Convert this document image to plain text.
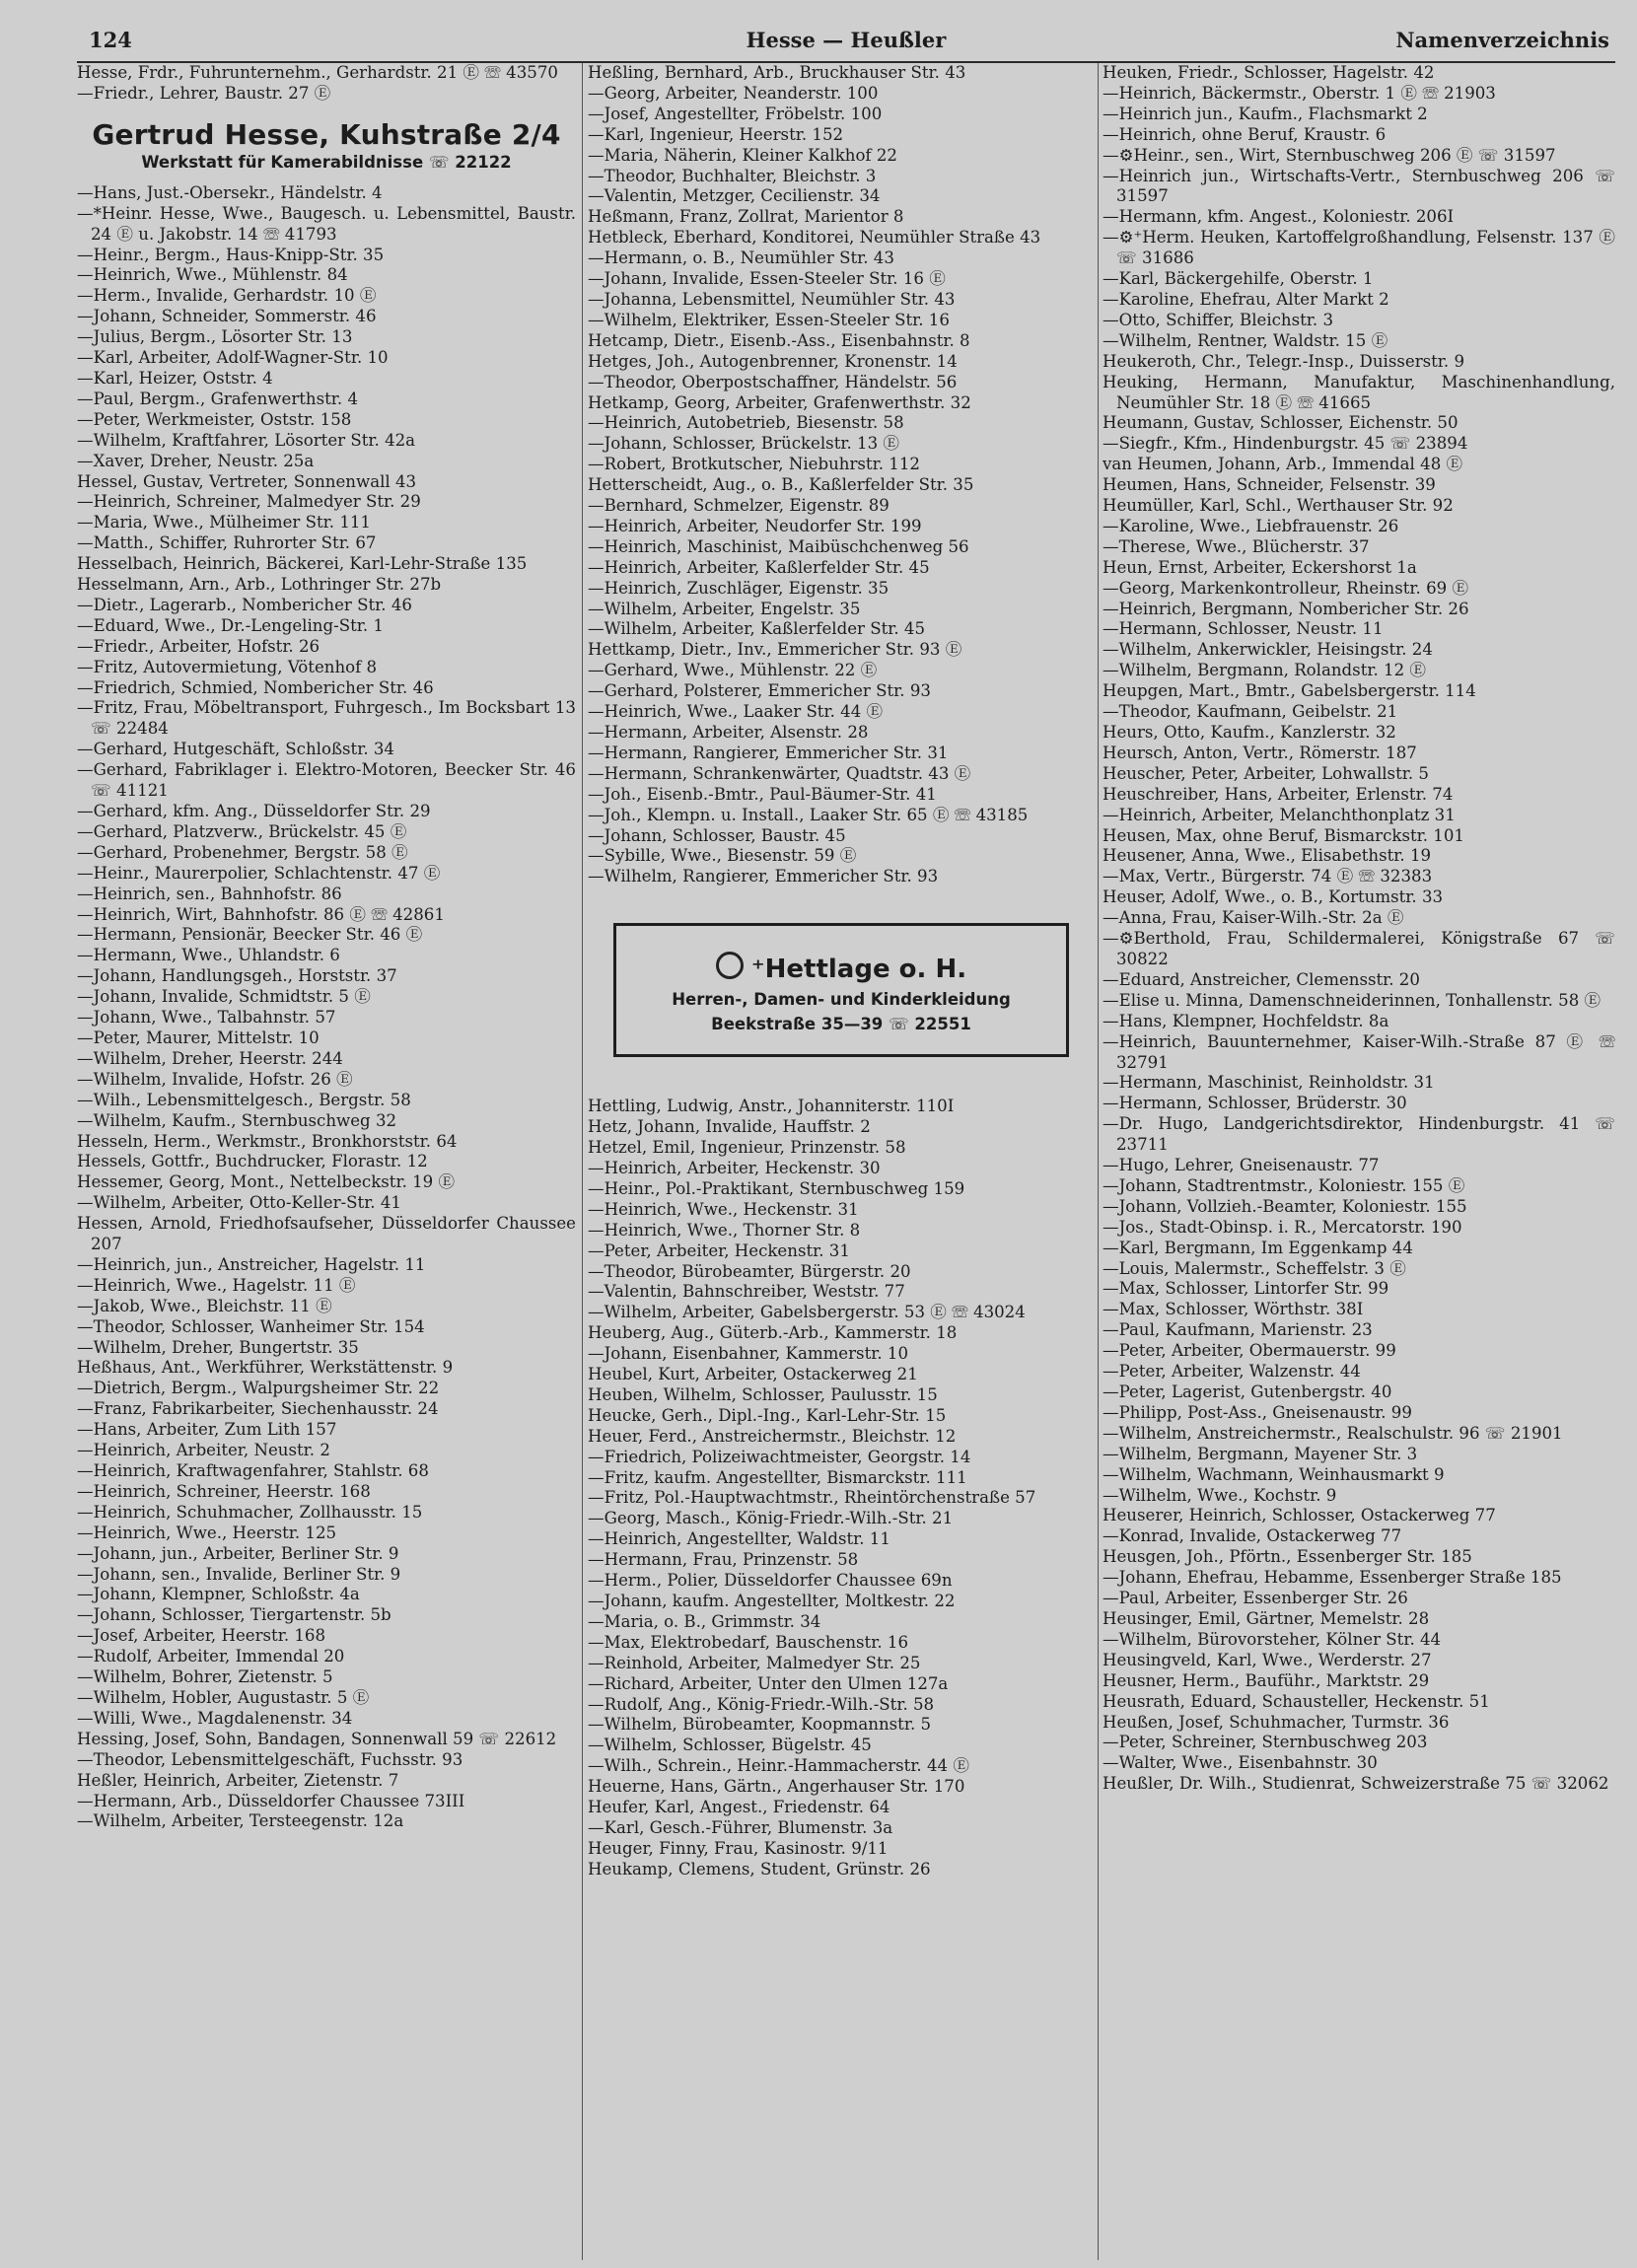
124	Hesse — Heußler	Namenverzeichnis

Hesse, Frdr., Fuhrunternehm., Gerhardstr. 21 Ⓔ ☏ 43570

—Friedr., Lehrer, Baustr. 27 Ⓔ

Gertrud Hesse, Kuhstraße 2/4
Werkstatt für Kamerabildnisse ☏ 22122

—Hans, Just.-Obersekr., Händelstr. 4

—*Heinr. Hesse, Wwe., Baugesch. u. Lebensmittel, Baustr. 24 Ⓔ u. Jakobstr. 14 ☏ 41793

—Heinr., Bergm., Haus-Knipp-Str. 35

—Heinrich, Wwe., Mühlenstr. 84

—Herm., Invalide, Gerhardstr. 10 Ⓔ

—Johann, Schneider, Sommerstr. 46

—Julius, Bergm., Lösorter Str. 13

—Karl, Arbeiter, Adolf-Wagner-Str. 10

—Karl, Heizer, Oststr. 4

—Paul, Bergm., Grafenwerthstr. 4

—Peter, Werkmeister, Oststr. 158

—Wilhelm, Kraftfahrer, Lösorter Str. 42a

—Xaver, Dreher, Neustr. 25a

Hessel, Gustav, Vertreter, Sonnenwall 43

—Heinrich, Schreiner, Malmedyer Str. 29

—Maria, Wwe., Mülheimer Str. 111

—Matth., Schiffer, Ruhrorter Str. 67

Hesselbach, Heinrich, Bäckerei, Karl-Lehr-Straße 135

Hesselmann, Arn., Arb., Lothringer Str. 27b

—Dietr., Lagerarb., Nombericher Str. 46

—Eduard, Wwe., Dr.-Lengeling-Str. 1

—Friedr., Arbeiter, Hofstr. 26

—Fritz, Autovermietung, Vötenhof 8

—Friedrich, Schmied, Nombericher Str. 46

—Fritz, Frau, Möbeltransport, Fuhrgesch., Im Bocksbart 13 ☏ 22484

—Gerhard, Hutgeschäft, Schloßstr. 34

—Gerhard, Fabriklager i. Elektro-Motoren, Beecker Str. 46 ☏ 41121

—Gerhard, kfm. Ang., Düsseldorfer Str. 29

—Gerhard, Platzverw., Brückelstr. 45 Ⓔ

—Gerhard, Probenehmer, Bergstr. 58 Ⓔ

—Heinr., Maurerpolier, Schlachtenstr. 47 Ⓔ

—Heinrich, sen., Bahnhofstr. 86

—Heinrich, Wirt, Bahnhofstr. 86 Ⓔ ☏ 42861

—Hermann, Pensionär, Beecker Str. 46 Ⓔ

—Hermann, Wwe., Uhlandstr. 6

—Johann, Handlungsgeh., Horststr. 37

—Johann, Invalide, Schmidtstr. 5 Ⓔ

—Johann, Wwe., Talbahnstr. 57

—Peter, Maurer, Mittelstr. 10

—Wilhelm, Dreher, Heerstr. 244

—Wilhelm, Invalide, Hofstr. 26 Ⓔ

—Wilh., Lebensmittelgesch., Bergstr. 58

—Wilhelm, Kaufm., Sternbuschweg 32

Hesseln, Herm., Werkmstr., Bronkhorststr. 64

Hessels, Gottfr., Buchdrucker, Florastr. 12

Hessemer, Georg, Mont., Nettelbeckstr. 19 Ⓔ

—Wilhelm, Arbeiter, Otto-Keller-Str. 41

Hessen, Arnold, Friedhofsaufseher, Düsseldorfer Chaussee 207

—Heinrich, jun., Anstreicher, Hagelstr. 11

—Heinrich, Wwe., Hagelstr. 11 Ⓔ

—Jakob, Wwe., Bleichstr. 11 Ⓔ

—Theodor, Schlosser, Wanheimer Str. 154

—Wilhelm, Dreher, Bungertstr. 35

Heßhaus, Ant., Werkführer, Werkstättenstr. 9

—Dietrich, Bergm., Walpurgsheimer Str. 22

—Franz, Fabrikarbeiter, Siechenhausstr. 24

—Hans, Arbeiter, Zum Lith 157

—Heinrich, Arbeiter, Neustr. 2

—Heinrich, Kraftwagenfahrer, Stahlstr. 68

—Heinrich, Schreiner, Heerstr. 168

—Heinrich, Schuhmacher, Zollhausstr. 15

—Heinrich, Wwe., Heerstr. 125

—Johann, jun., Arbeiter, Berliner Str. 9

—Johann, sen., Invalide, Berliner Str. 9

—Johann, Klempner, Schloßstr. 4a

—Johann, Schlosser, Tiergartenstr. 5b

—Josef, Arbeiter, Heerstr. 168

—Rudolf, Arbeiter, Immendal 20

—Wilhelm, Bohrer, Zietenstr. 5

—Wilhelm, Hobler, Augustastr. 5 Ⓔ

—Willi, Wwe., Magdalenenstr. 34

Hessing, Josef, Sohn, Bandagen, Sonnenwall 59 ☏ 22612

—Theodor, Lebensmittelgeschäft, Fuchsstr. 93

Heßler, Heinrich, Arbeiter, Zietenstr. 7

—Hermann, Arb., Düsseldorfer Chaussee 73III

—Wilhelm, Arbeiter, Tersteegenstr. 12a

Heßling, Bernhard, Arb., Bruckhauser Str. 43

—Georg, Arbeiter, Neanderstr. 100

—Josef, Angestellter, Fröbelstr. 100

—Karl, Ingenieur, Heerstr. 152

—Maria, Näherin, Kleiner Kalkhof 22

—Theodor, Buchhalter, Bleichstr. 3

—Valentin, Metzger, Cecilienstr. 34

Heßmann, Franz, Zollrat, Marientor 8

Hetbleck, Eberhard, Konditorei, Neumühler Straße 43

—Hermann, o. B., Neumühler Str. 43

—Johann, Invalide, Essen-Steeler Str. 16 Ⓔ

—Johanna, Lebensmittel, Neumühler Str. 43

—Wilhelm, Elektriker, Essen-Steeler Str. 16

Hetcamp, Dietr., Eisenb.-Ass., Eisenbahnstr. 8

Hetges, Joh., Autogenbrenner, Kronenstr. 14

—Theodor, Oberpostschaffner, Händelstr. 56

Hetkamp, Georg, Arbeiter, Grafenwerthstr. 32

—Heinrich, Autobetrieb, Biesenstr. 58

—Johann, Schlosser, Brückelstr. 13 Ⓔ

—Robert, Brotkutscher, Niebuhrstr. 112

Hetterscheidt, Aug., o. B., Kaßlerfelder Str. 35

—Bernhard, Schmelzer, Eigenstr. 89

—Heinrich, Arbeiter, Neudorfer Str. 199

—Heinrich, Maschinist, Maibüschchenweg 56

—Heinrich, Arbeiter, Kaßlerfelder Str. 45

—Heinrich, Zuschläger, Eigenstr. 35

—Wilhelm, Arbeiter, Engelstr. 35

—Wilhelm, Arbeiter, Kaßlerfelder Str. 45

Hettkamp, Dietr., Inv., Emmericher Str. 93 Ⓔ

—Gerhard, Wwe., Mühlenstr. 22 Ⓔ

—Gerhard, Polsterer, Emmericher Str. 93

—Heinrich, Wwe., Laaker Str. 44 Ⓔ

—Hermann, Arbeiter, Alsenstr. 28

—Hermann, Rangierer, Emmericher Str. 31

—Hermann, Schrankenwärter, Quadtstr. 43 Ⓔ

—Joh., Eisenb.-Bmtr., Paul-Bäumer-Str. 41

—Joh., Klempn. u. Install., Laaker Str. 65 Ⓔ ☏ 43185

—Johann, Schlosser, Baustr. 45

—Sybille, Wwe., Biesenstr. 59 Ⓔ

—Wilhelm, Rangierer, Emmericher Str. 93

⁺Hettlage o. H.
Herren-, Damen- und Kinderkleidung
Beekstraße 35—39 ☏ 22551

Hettling, Ludwig, Anstr., Johanniterstr. 110I

Hetz, Johann, Invalide, Hauffstr. 2

Hetzel, Emil, Ingenieur, Prinzenstr. 58

—Heinrich, Arbeiter, Heckenstr. 30

—Heinr., Pol.-Praktikant, Sternbuschweg 159

—Heinrich, Wwe., Heckenstr. 31

—Heinrich, Wwe., Thorner Str. 8

—Peter, Arbeiter, Heckenstr. 31

—Theodor, Bürobeamter, Bürgerstr. 20

—Valentin, Bahnschreiber, Weststr. 77

—Wilhelm, Arbeiter, Gabelsbergerstr. 53 Ⓔ ☏ 43024

Heuberg, Aug., Güterb.-Arb., Kammerstr. 18

—Johann, Eisenbahner, Kammerstr. 10

Heubel, Kurt, Arbeiter, Ostackerweg 21

Heuben, Wilhelm, Schlosser, Paulusstr. 15

Heucke, Gerh., Dipl.-Ing., Karl-Lehr-Str. 15

Heuer, Ferd., Anstreichermstr., Bleichstr. 12

—Friedrich, Polizeiwachtmeister, Georgstr. 14

—Fritz, kaufm. Angestellter, Bismarckstr. 111

—Fritz, Pol.-Hauptwachtmstr., Rheintörchenstraße 57

—Georg, Masch., König-Friedr.-Wilh.-Str. 21

—Heinrich, Angestellter, Waldstr. 11

—Hermann, Frau, Prinzenstr. 58

—Herm., Polier, Düsseldorfer Chaussee 69n

—Johann, kaufm. Angestellter, Moltkestr. 22

—Maria, o. B., Grimmstr. 34

—Max, Elektrobedarf, Bauschenstr. 16

—Reinhold, Arbeiter, Malmedyer Str. 25

—Richard, Arbeiter, Unter den Ulmen 127a

—Rudolf, Ang., König-Friedr.-Wilh.-Str. 58

—Wilhelm, Bürobeamter, Koopmannstr. 5

—Wilhelm, Schlosser, Bügelstr. 45

—Wilh., Schrein., Heinr.-Hammacherstr. 44 Ⓔ

Heuerne, Hans, Gärtn., Angerhauser Str. 170

Heufer, Karl, Angest., Friedenstr. 64

—Karl, Gesch.-Führer, Blumenstr. 3a

Heuger, Finny, Frau, Kasinostr. 9/11

Heukamp, Clemens, Student, Grünstr. 26

Heuken, Friedr., Schlosser, Hagelstr. 42

—Heinrich, Bäckermstr., Oberstr. 1 Ⓔ ☏ 21903

—Heinrich jun., Kaufm., Flachsmarkt 2

—Heinrich, ohne Beruf, Kraustr. 6

—⚙Heinr., sen., Wirt, Sternbuschweg 206 Ⓔ ☏ 31597

—Heinrich jun., Wirtschafts-Vertr., Sternbuschweg 206 ☏ 31597

—Hermann, kfm. Angest., Koloniestr. 206I

—⚙⁺Herm. Heuken, Kartoffelgroßhandlung, Felsenstr. 137 Ⓔ ☏ 31686

—Karl, Bäckergehilfe, Oberstr. 1

—Karoline, Ehefrau, Alter Markt 2

—Otto, Schiffer, Bleichstr. 3

—Wilhelm, Rentner, Waldstr. 15 Ⓔ

Heukeroth, Chr., Telegr.-Insp., Duisserstr. 9

Heuking, Hermann, Manufaktur, Maschinenhandlung, Neumühler Str. 18 Ⓔ ☏ 41665

Heumann, Gustav, Schlosser, Eichenstr. 50

—Siegfr., Kfm., Hindenburgstr. 45 ☏ 23894

van Heumen, Johann, Arb., Immendal 48 Ⓔ

Heumen, Hans, Schneider, Felsenstr. 39

Heumüller, Karl, Schl., Werthauser Str. 92

—Karoline, Wwe., Liebfrauenstr. 26

—Therese, Wwe., Blücherstr. 37

Heun, Ernst, Arbeiter, Eckershorst 1a

—Georg, Markenkontrolleur, Rheinstr. 69 Ⓔ

—Heinrich, Bergmann, Nombericher Str. 26

—Hermann, Schlosser, Neustr. 11

—Wilhelm, Ankerwickler, Heisingstr. 24

—Wilhelm, Bergmann, Rolandstr. 12 Ⓔ

Heupgen, Mart., Bmtr., Gabelsbergerstr. 114

—Theodor, Kaufmann, Geibelstr. 21

Heurs, Otto, Kaufm., Kanzlerstr. 32

Heursch, Anton, Vertr., Römerstr. 187

Heuscher, Peter, Arbeiter, Lohwallstr. 5

Heuschreiber, Hans, Arbeiter, Erlenstr. 74

—Heinrich, Arbeiter, Melanchthonplatz 31

Heusen, Max, ohne Beruf, Bismarckstr. 101

Heusener, Anna, Wwe., Elisabethstr. 19

—Max, Vertr., Bürgerstr. 74 Ⓔ ☏ 32383

Heuser, Adolf, Wwe., o. B., Kortumstr. 33

—Anna, Frau, Kaiser-Wilh.-Str. 2a Ⓔ

—⚙Berthold, Frau, Schildermalerei, Königstraße 67 ☏ 30822

—Eduard, Anstreicher, Clemensstr. 20

—Elise u. Minna, Damenschneiderinnen, Tonhallenstr. 58 Ⓔ

—Hans, Klempner, Hochfeldstr. 8a

—Heinrich, Bauunternehmer, Kaiser-Wilh.-Straße 87 Ⓔ ☏ 32791

—Hermann, Maschinist, Reinholdstr. 31

—Hermann, Schlosser, Brüderstr. 30

—Dr. Hugo, Landgerichtsdirektor, Hindenburgstr. 41 ☏ 23711

—Hugo, Lehrer, Gneisenaustr. 77

—Johann, Stadtrentmstr., Koloniestr. 155 Ⓔ

—Johann, Vollzieh.-Beamter, Koloniestr. 155

—Jos., Stadt-Obinsp. i. R., Mercatorstr. 190

—Karl, Bergmann, Im Eggenkamp 44

—Louis, Malermstr., Scheffelstr. 3 Ⓔ

—Max, Schlosser, Lintorfer Str. 99

—Max, Schlosser, Wörthstr. 38I

—Paul, Kaufmann, Marienstr. 23

—Peter, Arbeiter, Obermauerstr. 99

—Peter, Arbeiter, Walzenstr. 44

—Peter, Lagerist, Gutenbergstr. 40

—Philipp, Post-Ass., Gneisenaustr. 99

—Wilhelm, Anstreichermstr., Realschulstr. 96 ☏ 21901

—Wilhelm, Bergmann, Mayener Str. 3

—Wilhelm, Wachmann, Weinhausmarkt 9

—Wilhelm, Wwe., Kochstr. 9

Heuserer, Heinrich, Schlosser, Ostackerweg 77

—Konrad, Invalide, Ostackerweg 77

Heusgen, Joh., Pförtn., Essenberger Str. 185

—Johann, Ehefrau, Hebamme, Essenberger Straße 185

—Paul, Arbeiter, Essenberger Str. 26

Heusinger, Emil, Gärtner, Memelstr. 28

—Wilhelm, Bürovorsteher, Kölner Str. 44

Heusingveld, Karl, Wwe., Werderstr. 27

Heusner, Herm., Bauführ., Marktstr. 29

Heusrath, Eduard, Schausteller, Heckenstr. 51

Heußen, Josef, Schuhmacher, Turmstr. 36

—Peter, Schreiner, Sternbuschweg 203

—Walter, Wwe., Eisenbahnstr. 30

Heußler, Dr. Wilh., Studienrat, Schweizerstraße 75 ☏ 32062
